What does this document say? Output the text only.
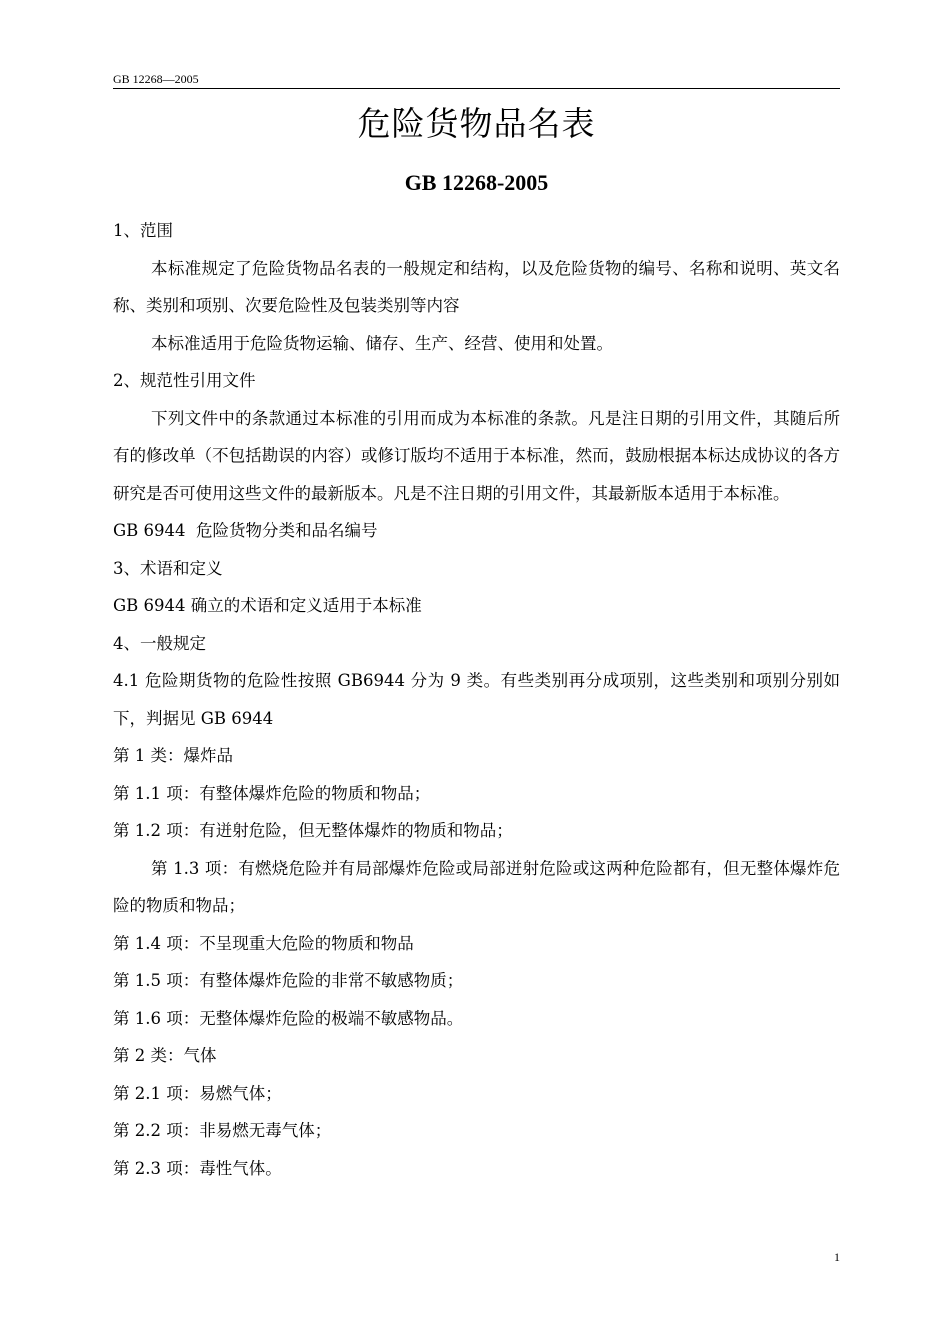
GB 12268—2005
危险货物品名表
GB 12268-2005

1、范围

本标准规定了危险货物品名表的一般规定和结构，以及危险货物的编号、名称和说明、英文名称、类别和项别、次要危险性及包装类别等内容

本标准适用于危险货物运输、储存、生产、经营、使用和处置。

2、规范性引用文件

下列文件中的条款通过本标准的引用而成为本标准的条款。凡是注日期的引用文件，其随后所有的修改单（不包括勘误的内容）或修订版均不适用于本标准，然而，鼓励根据本标达成协议的各方研究是否可使用这些文件的最新版本。凡是不注日期的引用文件，其最新版本适用于本标准。

GB 6944  危险货物分类和品名编号

3、术语和定义

GB 6944 确立的术语和定义适用于本标准

4、一般规定

4.1 危险期货物的危险性按照 GB6944 分为 9 类。有些类别再分成项别，这些类别和项别分别如下，判据见 GB 6944

第 1 类：爆炸品

第 1.1 项：有整体爆炸危险的物质和物品；

第 1.2 项：有迸射危险，但无整体爆炸的物质和物品；

第 1.3 项：有燃烧危险并有局部爆炸危险或局部迸射危险或这两种危险都有，但无整体爆炸危险的物质和物品；

第 1.4 项：不呈现重大危险的物质和物品

第 1.5 项：有整体爆炸危险的非常不敏感物质；

第 1.6 项：无整体爆炸危险的极端不敏感物品。

第 2 类：气体

第 2.1 项：易燃气体；

第 2.2 项：非易燃无毒气体；

第 2.3 项：毒性气体。

1
